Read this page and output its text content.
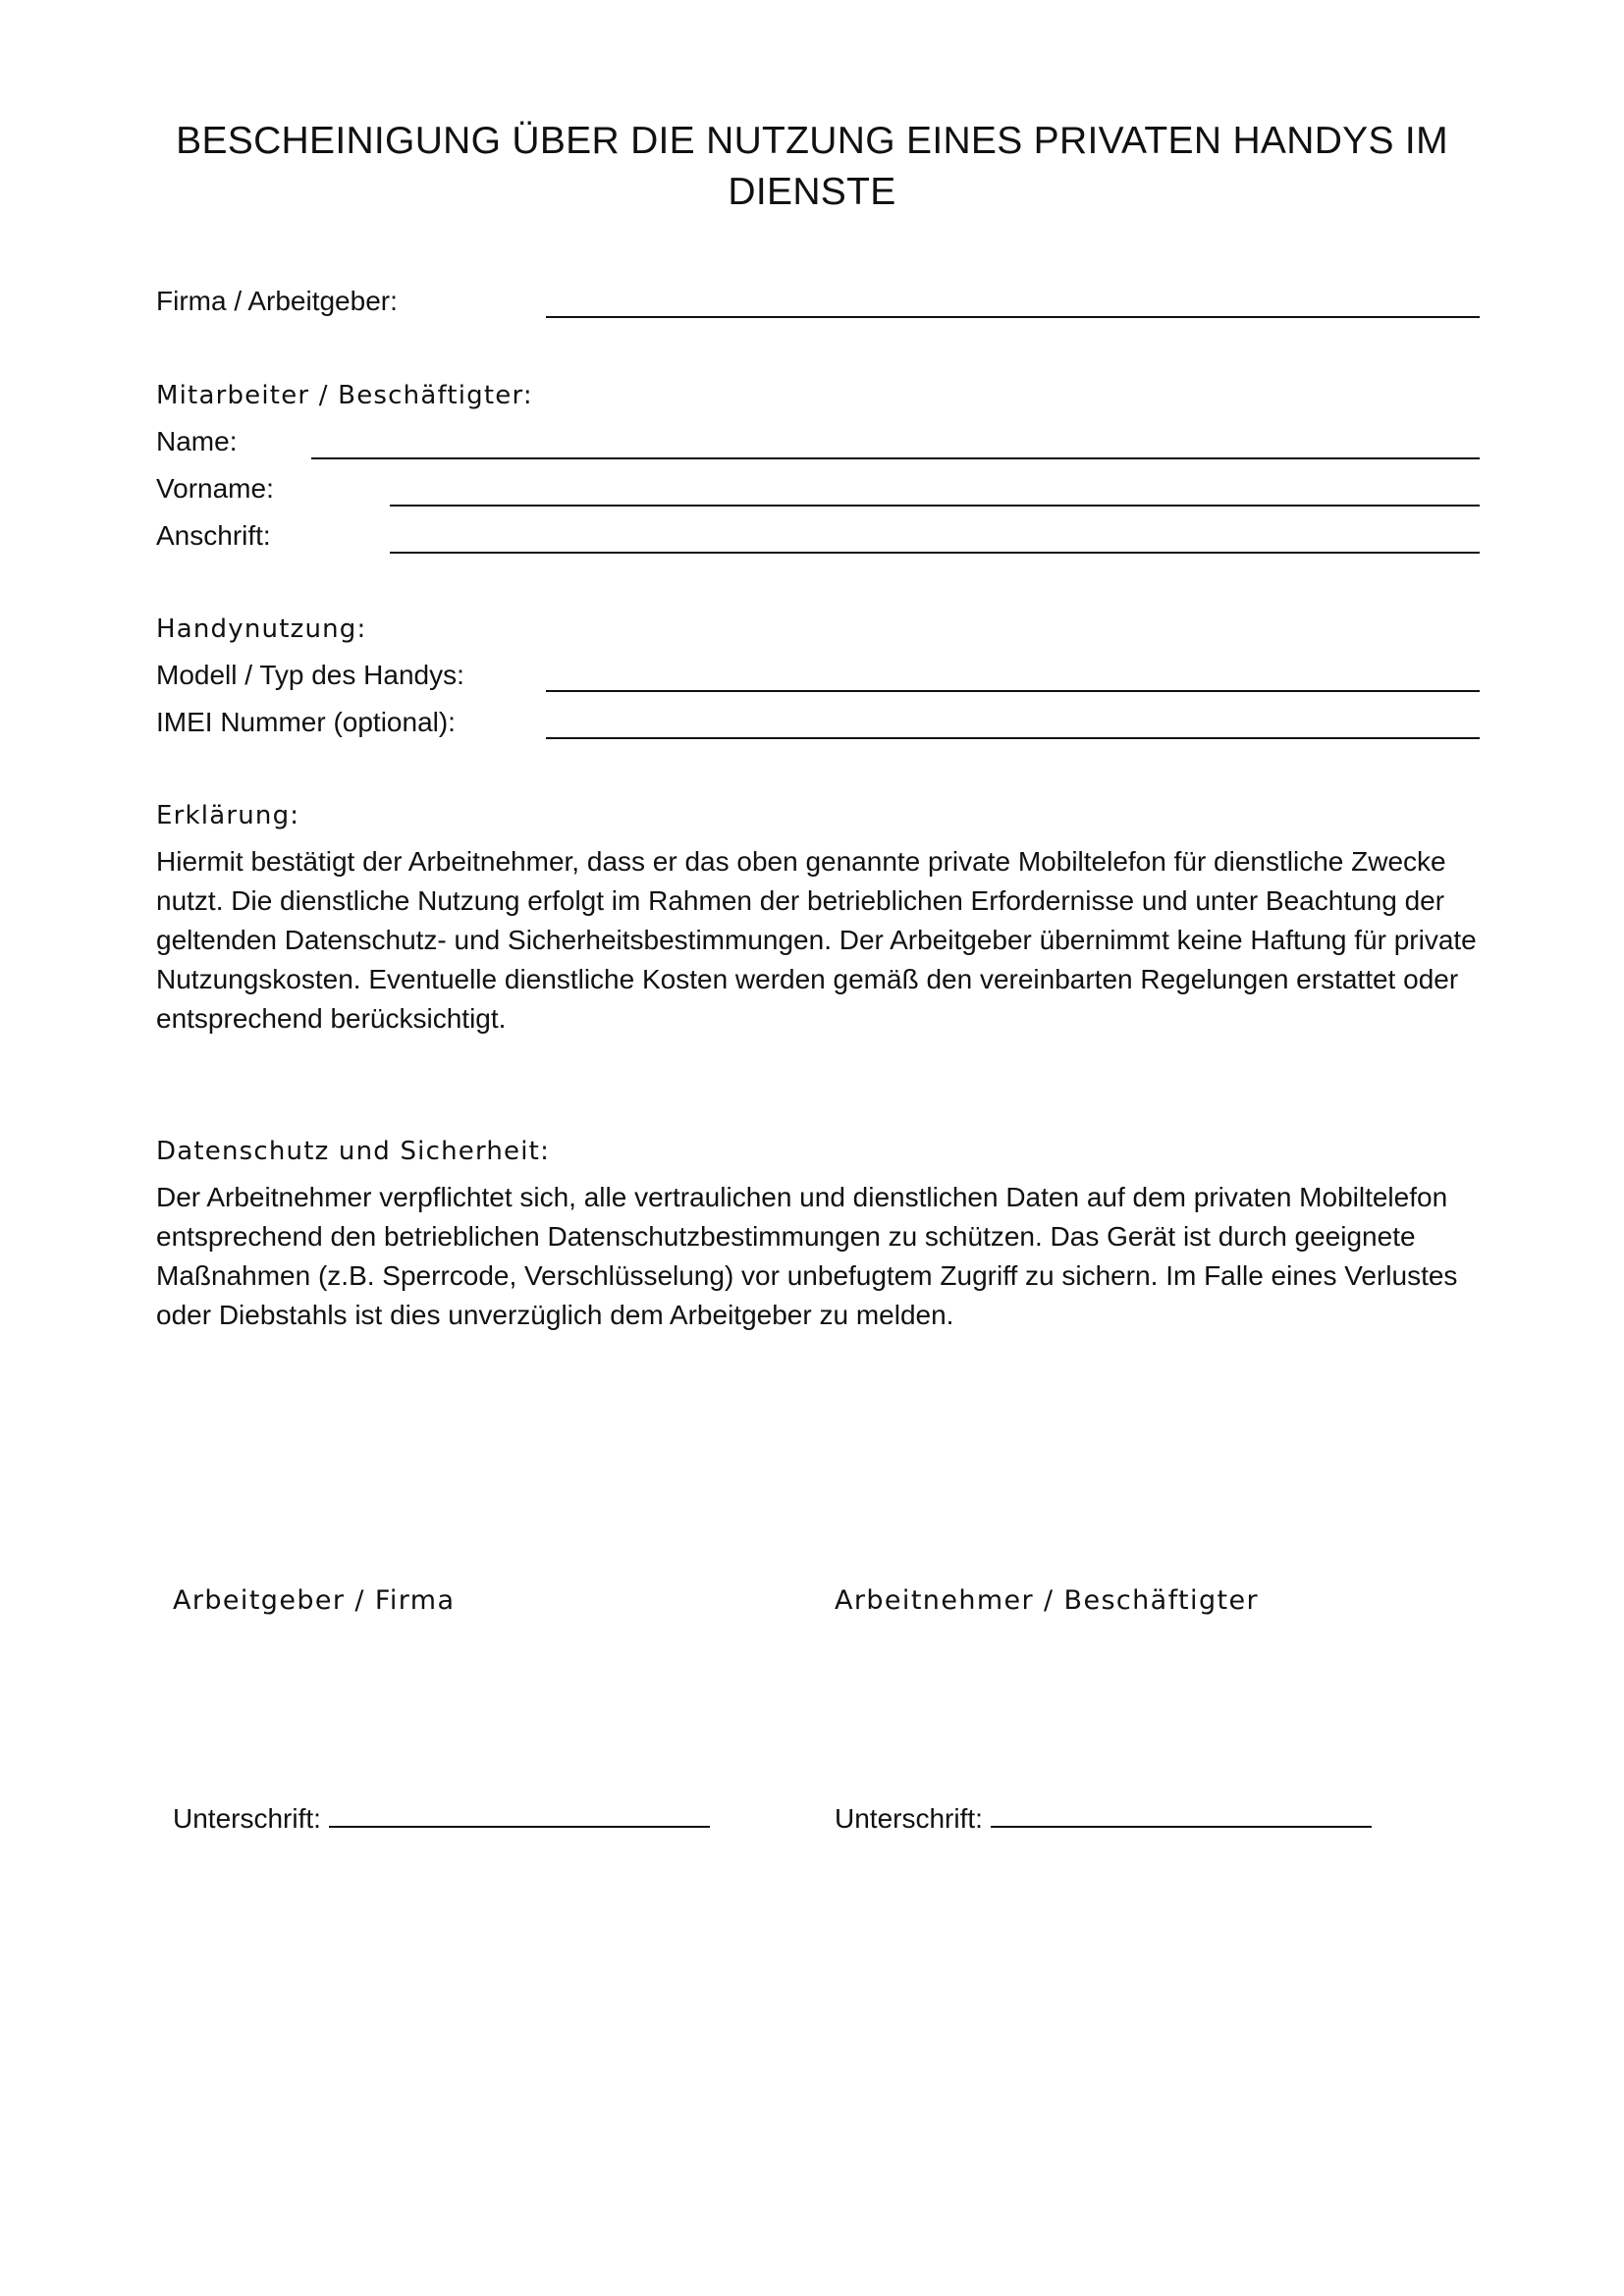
BESCHEINIGUNG ÜBER DIE NUTZUNG EINES PRIVATEN HANDYS IM
DIENSTE
Firma / Arbeitgeber:
Mitarbeiter / Beschäftigter:
Name:
Vorname:
Anschrift:
Handynutzung:
Modell / Typ des Handys:
IMEI Nummer (optional):
Erklärung:

Hiermit bestätigt der Arbeitnehmer, dass er das oben genannte private Mobiltelefon für dienstliche Zwecke nutzt. Die dienstliche Nutzung erfolgt im Rahmen der betrieblichen Erfordernisse und unter Beachtung der geltenden Datenschutz- und Sicherheitsbestimmungen. Der Arbeitgeber übernimmt keine Haftung für private Nutzungskosten. Eventuelle dienstliche Kosten werden gemäß den vereinbarten Regelungen erstattet oder entsprechend berücksichtigt.

Datenschutz und Sicherheit:

Der Arbeitnehmer verpflichtet sich, alle vertraulichen und dienstlichen Daten auf dem privaten Mobiltelefon entsprechend den betrieblichen Datenschutzbestimmungen zu schützen. Das Gerät ist durch geeignete Maßnahmen (z.B. Sperrcode, Verschlüsselung) vor unbefugtem Zugriff zu sichern. Im Falle eines Verlustes oder Diebstahls ist dies unverzüglich dem Arbeitgeber zu melden.

Arbeitgeber / Firma	Arbeitnehmer / Beschäftigter
Unterschrift:	Unterschrift:
